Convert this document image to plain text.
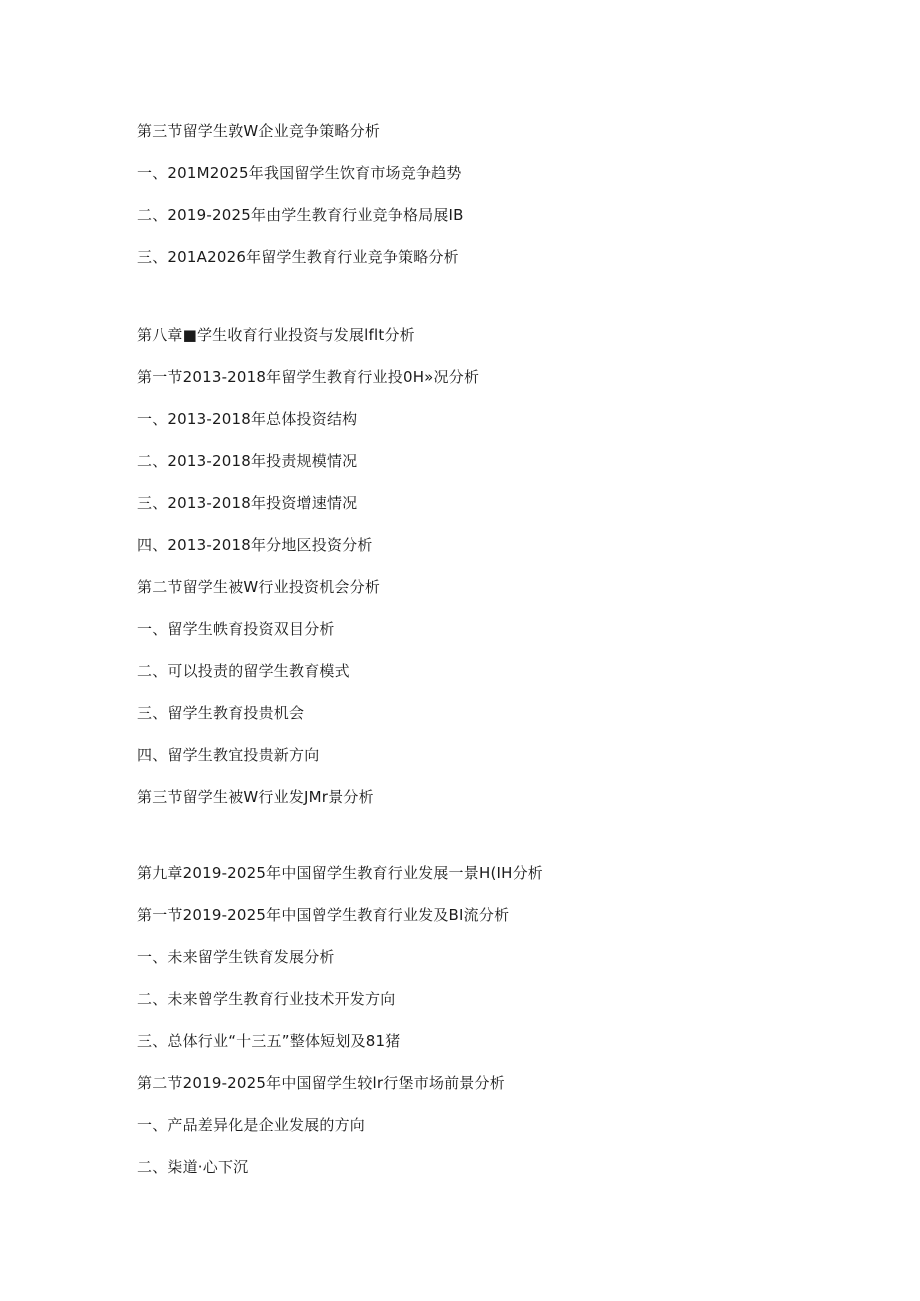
第三节留学生敦W企业竞争策略分析
一、201M2025年我国留学生饮育市场竞争趋势
二、2019-2025年由学生教育行业竞争格局展IB
三、201A2026年留学生教育行业竞争策略分析
第八章■学生收育行业投资与发展lflt分析
第一节2013-2018年留学生教育行业投0H»况分析
一、2013-2018年总体投资结构
二、2013-2018年投责规模情况
三、2013-2018年投资增速情况
四、2013-2018年分地区投资分析
第二节留学生被W行业投资机会分析
一、留学生帙育投资双目分析
二、可以投责的留学生教育模式
三、留学生教育投贵机会
四、留学生教宜投贵新方向
第三节留学生被W行业发JMr景分析
第九章2019-2025年中国留学生教育行业发展一景H(IH分析
第一节2019-2025年中国曾学生教育行业发及BI流分析
一、未来留学生铁育发展分析
二、未来曾学生教育行业技术开发方向
三、总体行业“十三五”整体短划及81猪
第二节2019-2025年中国留学生较lr行堡市场前景分析
一、产品差异化是企业发展的方向
二、柒道·心下沉
